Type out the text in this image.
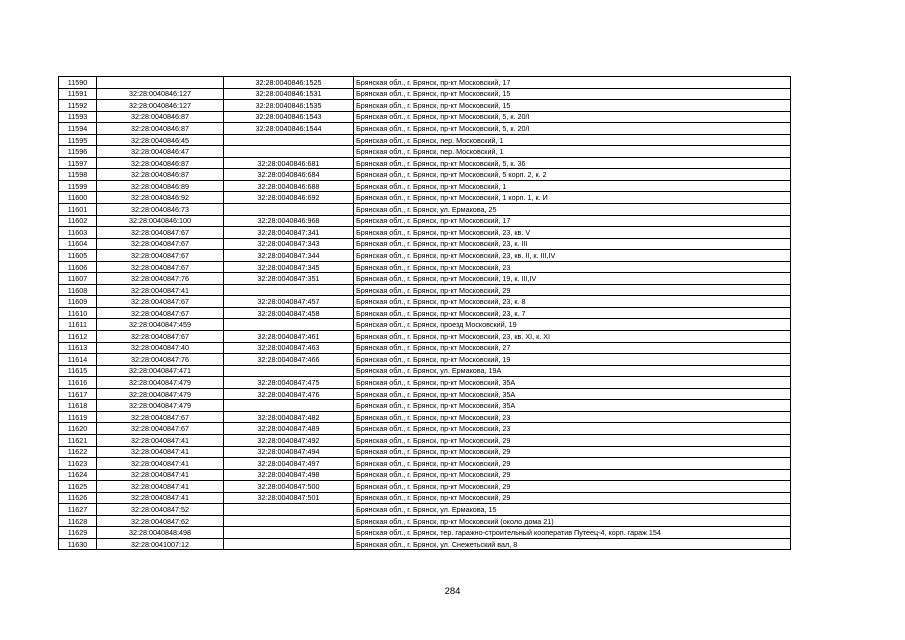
11590		32:28:0040846:1525	Брянская обл., г. Брянск, пр-кт Московский, 17
11591	32:28:0040846:127	32:28:0040846:1531	Брянская обл., г. Брянск, пр-кт Московский, 15
11592	32:28:0040846:127	32:28:0040846:1535	Брянская обл., г. Брянск, пр-кт Московский, 15
11593	32:28:0040846:87	32:28:0040846:1543	Брянская обл., г. Брянск, пр-кт Московский, 5, к. 20/I
11594	32:28:0040846:87	32:28:0040846:1544	Брянская обл., г. Брянск, пр-кт Московский, 5, к. 20/I
11595	32:28:0040846:45		Брянская обл., г. Брянск, пер. Московский, 1
11596	32:28:0040846:47		Брянская обл., г. Брянск, пер. Московский, 1
11597	32:28:0040846:87	32:28:0040846:681	Брянская обл., г. Брянск, пр-кт Московский, 5, к. 36
11598	32:28:0040846:87	32:28:0040846:684	Брянская обл., г. Брянск, пр-кт Московский, 5 корп. 2, к. 2
11599	32:28:0040846:89	32:28:0040846:688	Брянская обл., г. Брянск, пр-кт Московский, 1
11600	32:28:0040846:92	32:28:0040846:692	Брянская обл., г. Брянск, пр-кт Московский, 1 корп. 1, к. И
11601	32:28:0040846:73		Брянская обл., г. Брянск, ул. Ермакова, 25
11602	32:28:0040846:100	32:28:0040846:968	Брянская обл., г. Брянск, пр-кт Московский, 17
11603	32:28:0040847:67	32:28:0040847:341	Брянская обл., г. Брянск, пр-кт Московский, 23, кв. V
11604	32:28:0040847:67	32:28:0040847:343	Брянская обл., г. Брянск, пр-кт Московский, 23, к. III
11605	32:28:0040847:67	32:28:0040847:344	Брянская обл., г. Брянск, пр-кт Московский, 23, кв. II, к. III,IV
11606	32:28:0040847:67	32:28:0040847:345	Брянская обл., г. Брянск, пр-кт Московский, 23
11607	32:28:0040847:76	32:28:0040847:351	Брянская обл., г. Брянск, пр-кт Московский, 19, к. III,IV
11608	32:28:0040847:41		Брянская обл., г. Брянск, пр-кт Московский, 29
11609	32:28:0040847:67	32:28:0040847:457	Брянская обл., г. Брянск, пр-кт Московский, 23, к. 8
11610	32:28:0040847:67	32:28:0040847:458	Брянская обл., г. Брянск, пр-кт Московский, 23, к. 7
11611	32:28:0040847:459		Брянская обл., г. Брянск, проезд Московский, 19
11612	32:28:0040847:67	32:28:0040847:461	Брянская обл., г. Брянск, пр-кт Московский, 23, кв. XI, к. XI
11613	32:28:0040847:40	32:28:0040847:463	Брянская обл., г. Брянск, пр-кт Московский, 27
11614	32:28:0040847:76	32:28:0040847:466	Брянская обл., г. Брянск, пр-кт Московский, 19
11615	32:28:0040847:471		Брянская обл., г. Брянск, ул. Ермакова, 19А
11616	32:28:0040847:479	32:28:0040847:475	Брянская обл., г. Брянск, пр-кт Московский, 35А
11617	32:28:0040847:479	32:28:0040847:476	Брянская обл., г. Брянск, пр-кт Московский, 35А
11618	32:28:0040847:479		Брянская обл., г. Брянск, пр-кт Московский, 35А
11619	32:28:0040847:67	32:28:0040847:482	Брянская обл., г. Брянск, пр-кт Московский, 23
11620	32:28:0040847:67	32:28:0040847:489	Брянская обл., г. Брянск, пр-кт Московский, 23
11621	32:28:0040847:41	32:28:0040847:492	Брянская обл., г. Брянск, пр-кт Московский, 29
11622	32:28:0040847:41	32:28:0040847:494	Брянская обл., г. Брянск, пр-кт Московский, 29
11623	32:28:0040847:41	32:28:0040847:497	Брянская обл., г. Брянск, пр-кт Московский, 29
11624	32:28:0040847:41	32:28:0040847:498	Брянская обл., г. Брянск, пр-кт Московский, 29
11625	32:28:0040847:41	32:28:0040847:500	Брянская обл., г. Брянск, пр-кт Московский, 29
11626	32:28:0040847:41	32:28:0040847:501	Брянская обл., г. Брянск, пр-кт Московский, 29
11627	32:28:0040847:52		Брянская обл., г. Брянск, ул. Ермакова, 15
11628	32:28:0040847:62		Брянская обл., г. Брянск, пр-кт Московский (около дома 21)
11629	32:28:0040848:498		Брянская обл., г. Брянск, тер. гаражно-строительный кооператив Путеец-4, корп. гараж 154
11630	32:28:0041007:12		Брянская обл., г. Брянск, ул. Снежетьский вал, 8
284
